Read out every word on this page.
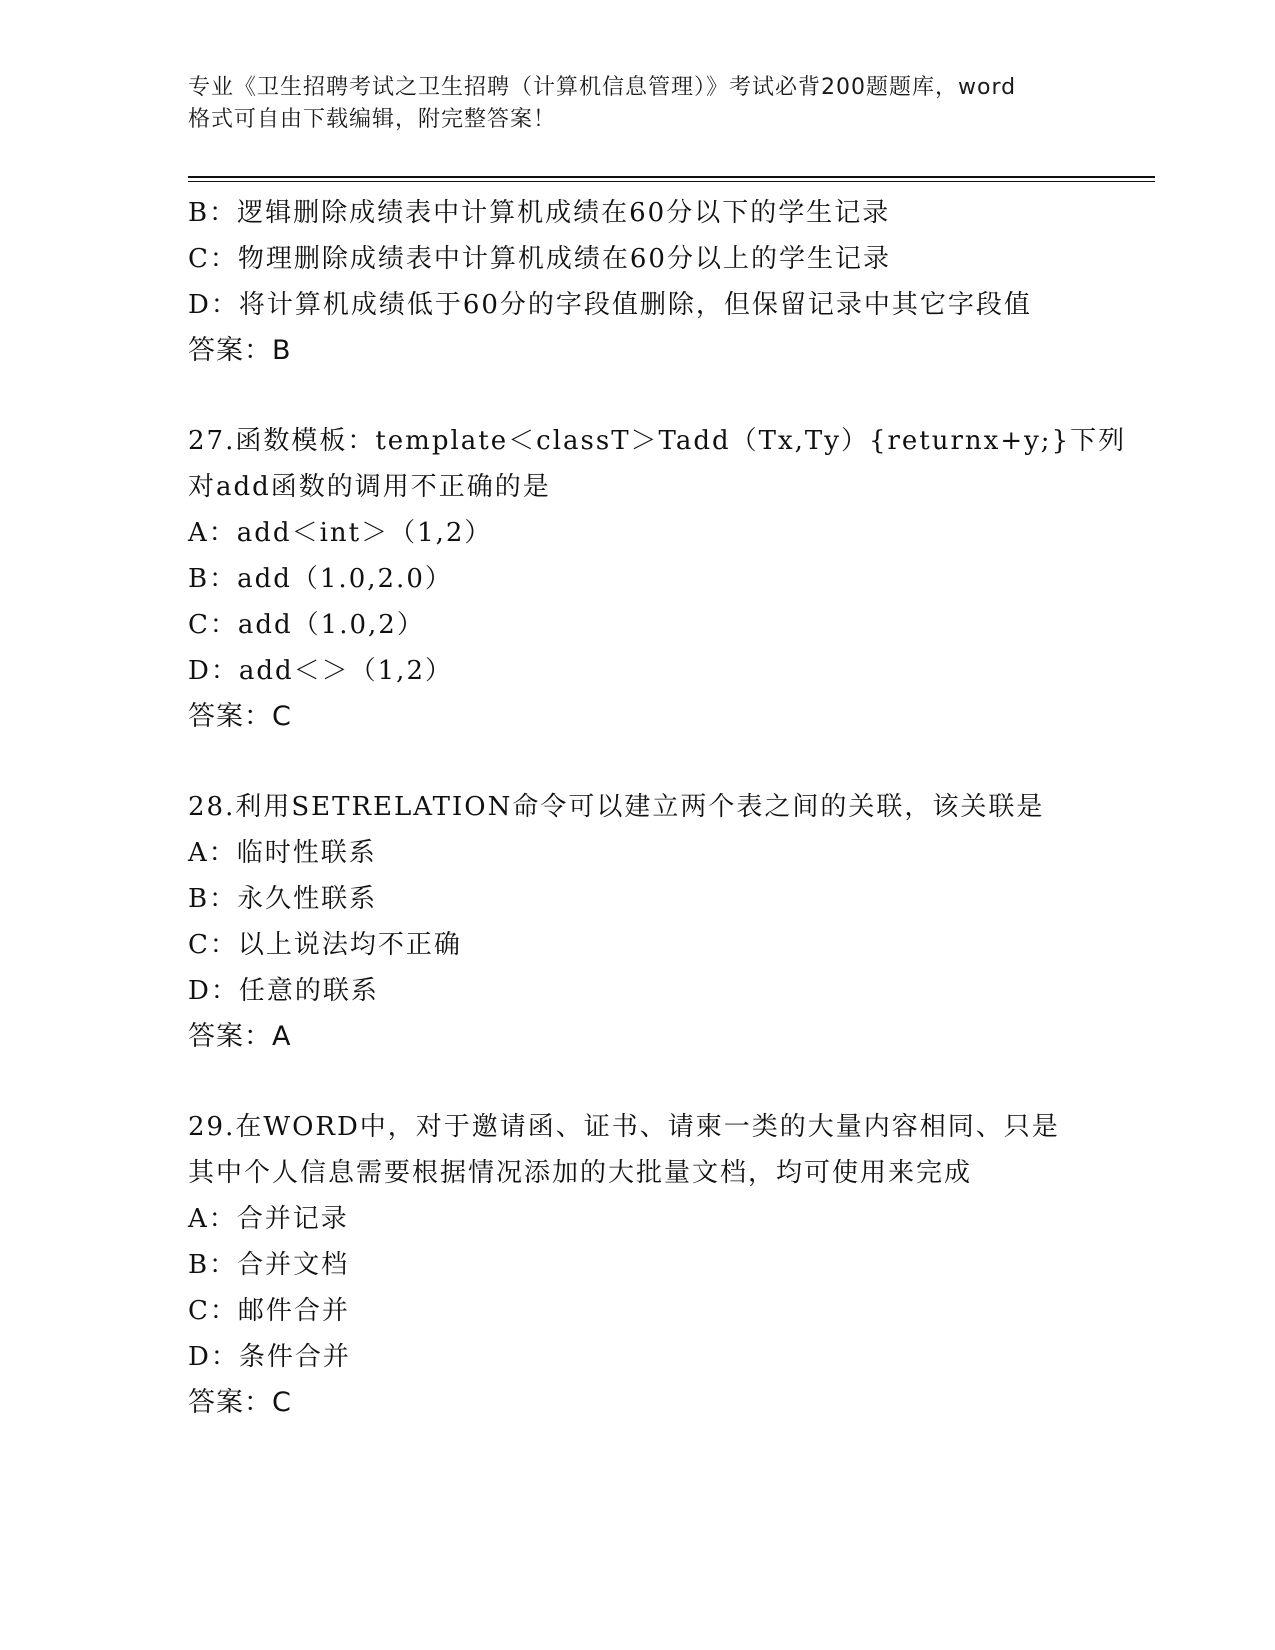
专业《卫生招聘考试之卫生招聘（计算机信息管理）》考试必背200题题库，word
格式可自由下载编辑，附完整答案！
B：逻辑删除成绩表中计算机成绩在60分以下的学生记录
C：物理删除成绩表中计算机成绩在60分以上的学生记录
D：将计算机成绩低于60分的字段值删除，但保留记录中其它字段值
答案：B
27.函数模板：template＜classT＞Tadd（Tx,Ty）{returnx+y;}下列
对add函数的调用不正确的是
A：add＜int＞（1,2）
B：add（1.0,2.0）
C：add（1.0,2）
D：add＜＞（1,2）
答案：C
28.利用SETRELATION命令可以建立两个表之间的关联，该关联是
A：临时性联系
B：永久性联系
C：以上说法均不正确
D：任意的联系
答案：A
29.在WORD中，对于邀请函、证书、请柬一类的大量内容相同、只是
其中个人信息需要根据情况添加的大批量文档，均可使用来完成
A：合并记录
B：合并文档
C：邮件合并
D：条件合并
答案：C
